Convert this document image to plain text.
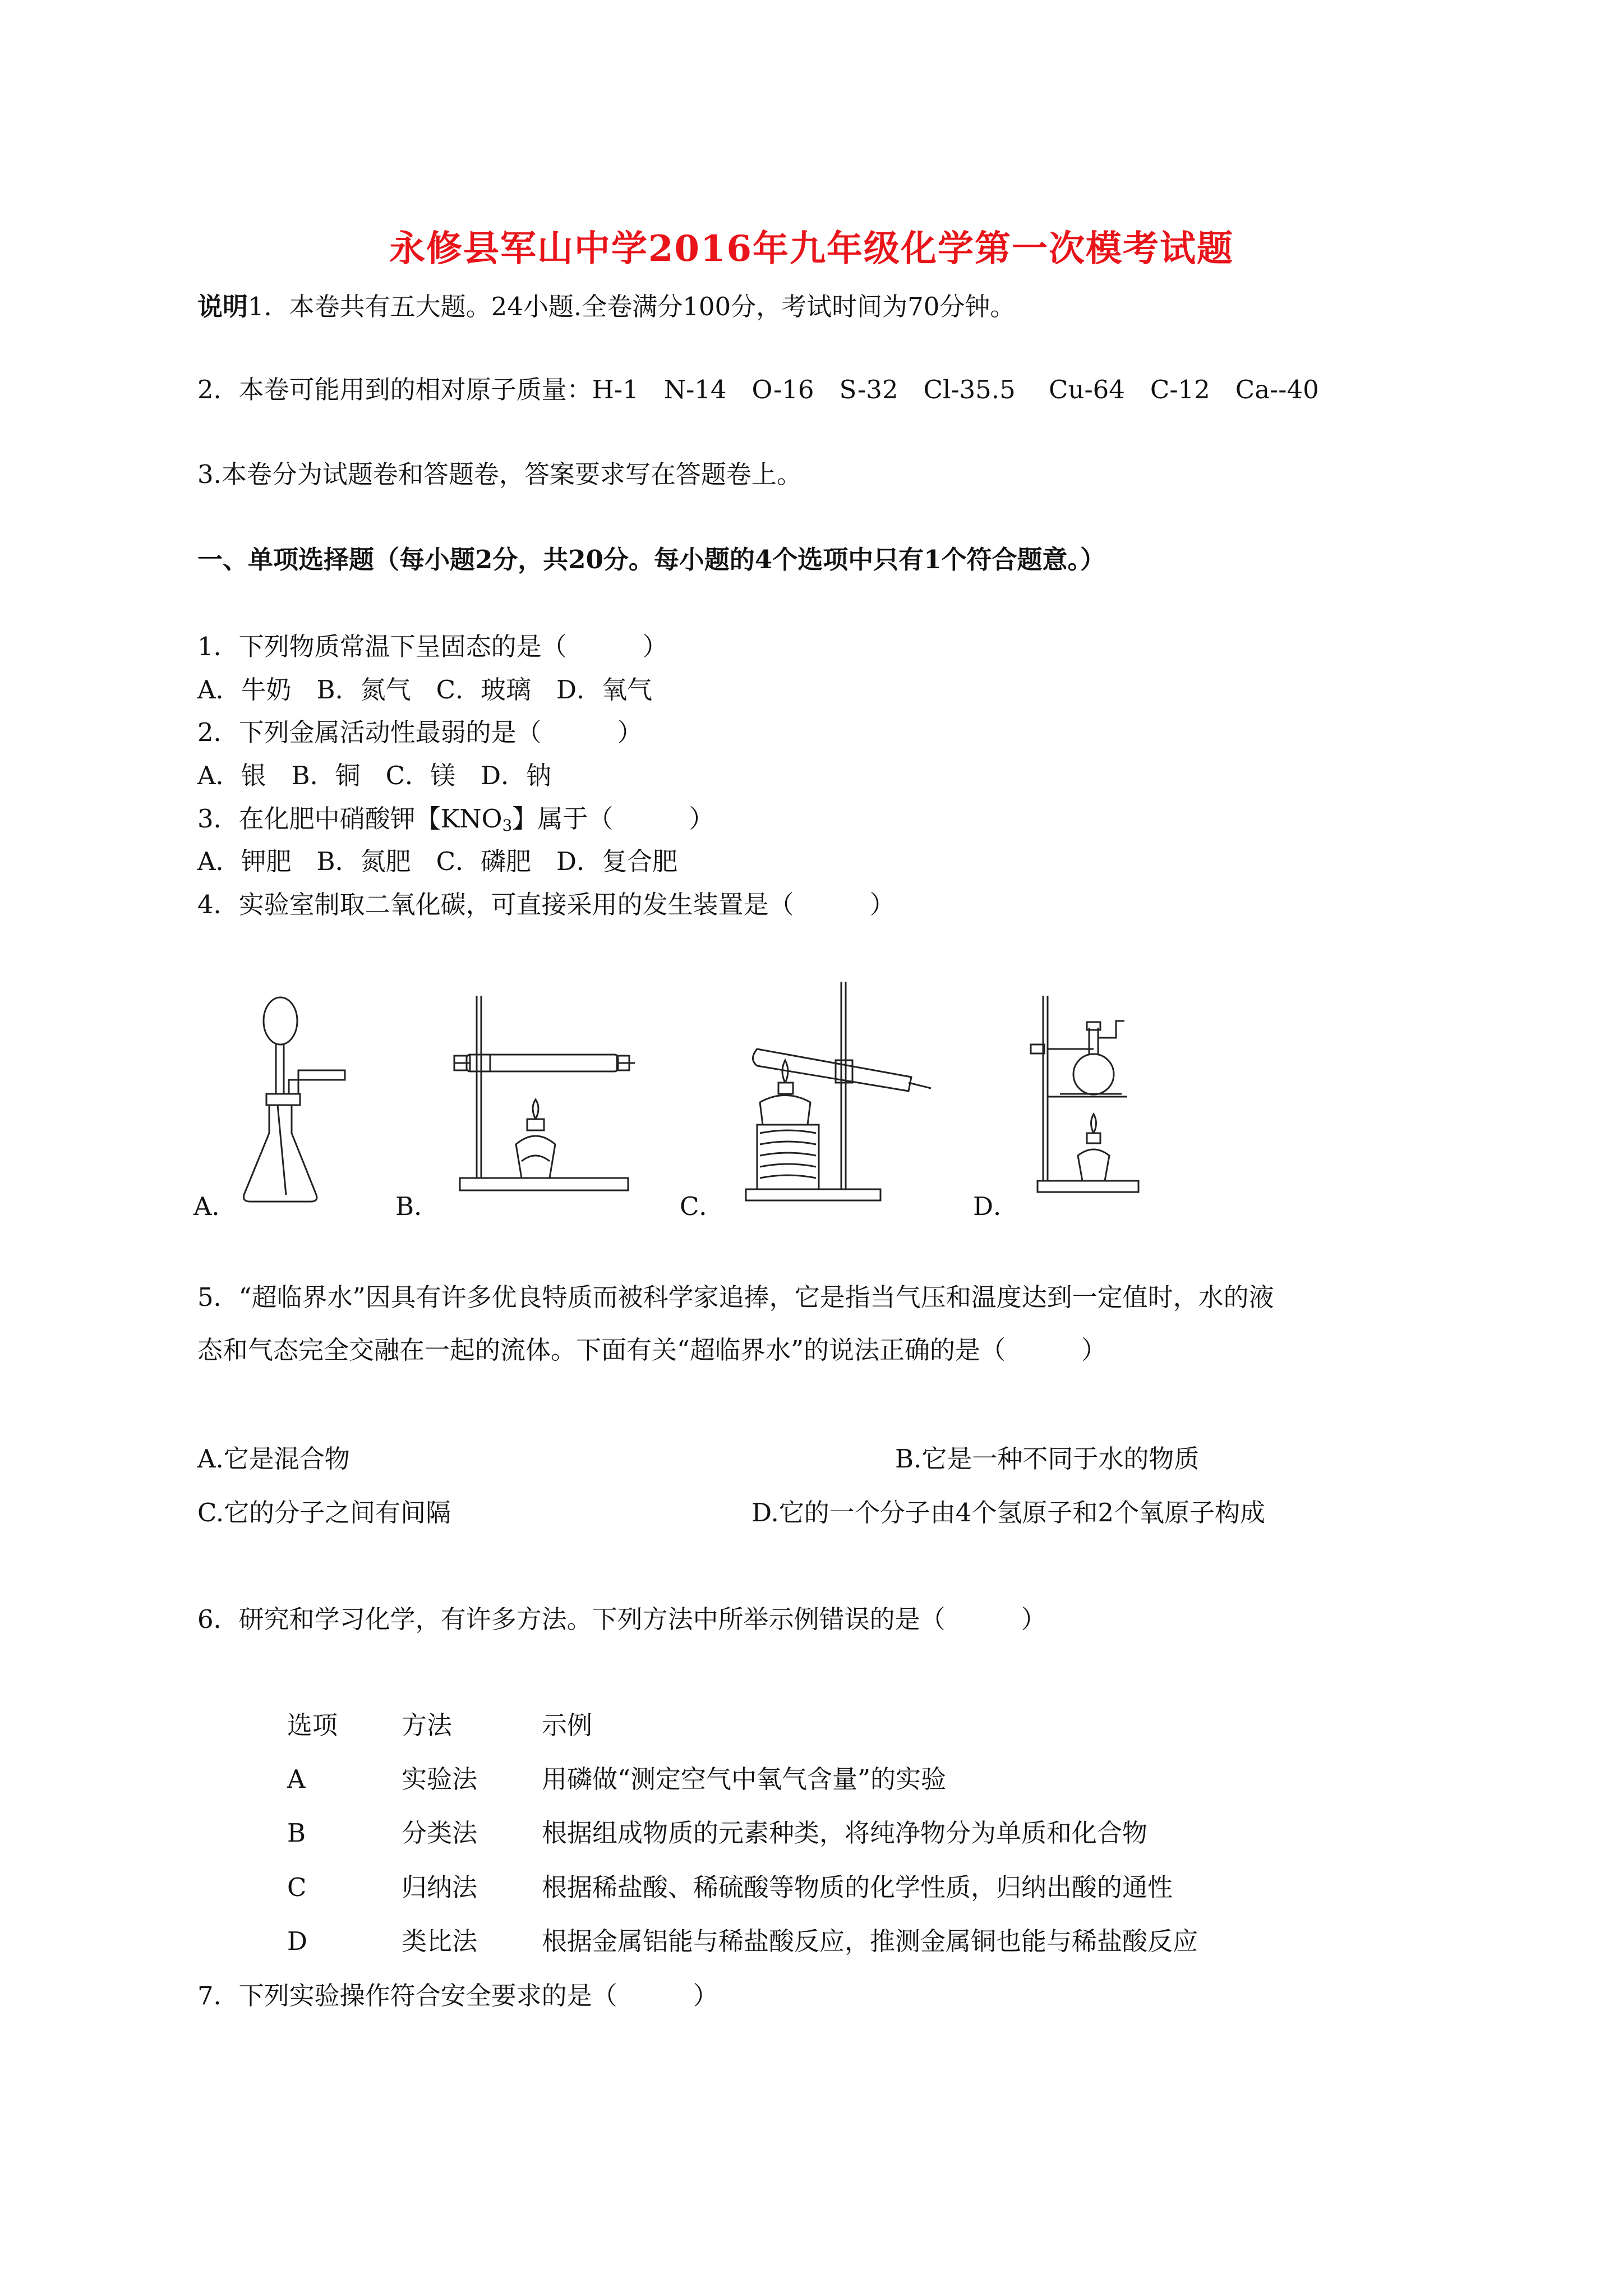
永修县军山中学2016年九年级化学第一次模考试题
说明1．本卷共有五大题。24小题.全卷满分100分，考试时间为70分钟。
2．本卷可能用到的相对原子质量：H-1　N-14　O-16　S-32　Cl-35.5　 Cu-64　C-12　Ca--40
3.本卷分为试题卷和答题卷，答案要求写在答题卷上。
一、单项选择题（每小题2分，共20分。每小题的4个选项中只有1个符合题意。）
1．下列物质常温下呈固态的是（　　　）
A．牛奶　B．氮气　C．玻璃　D．氧气
2．下列金属活动性最弱的是（　　　）
A．银　B．铜　C．镁　D．钠
3．在化肥中硝酸钾【$KNO_3$】属于（　　　）
A．钾肥　B．氮肥　C．磷肥　D．复合肥
4．实验室制取二氧化碳，可直接采用的发生装置是（　　　）
A．	B．	C．	D．
5．“超临界水”因具有许多优良特质而被科学家追捧，它是指当气压和温度达到一定值时，水的液
态和气态完全交融在一起的流体。下面有关“超临界水”的说法正确的是（　　　）
A.它是混合物	B.它是一种不同于水的物质
C.它的分子之间有间隔	D.它的一个分子由4个氢原子和2个氧原子构成
6．研究和学习化学，有许多方法。下列方法中所举示例错误的是（　　　）
选项	方法	示例
A	实验法	用磷做“测定空气中氧气含量”的实验
B	分类法	根据组成物质的元素种类，将纯净物分为单质和化合物
C	归纳法	根据稀盐酸、稀硫酸等物质的化学性质，归纳出酸的通性
D	类比法	根据金属铝能与稀盐酸反应，推测金属铜也能与稀盐酸反应
7．下列实验操作符合安全要求的是（　　　）
